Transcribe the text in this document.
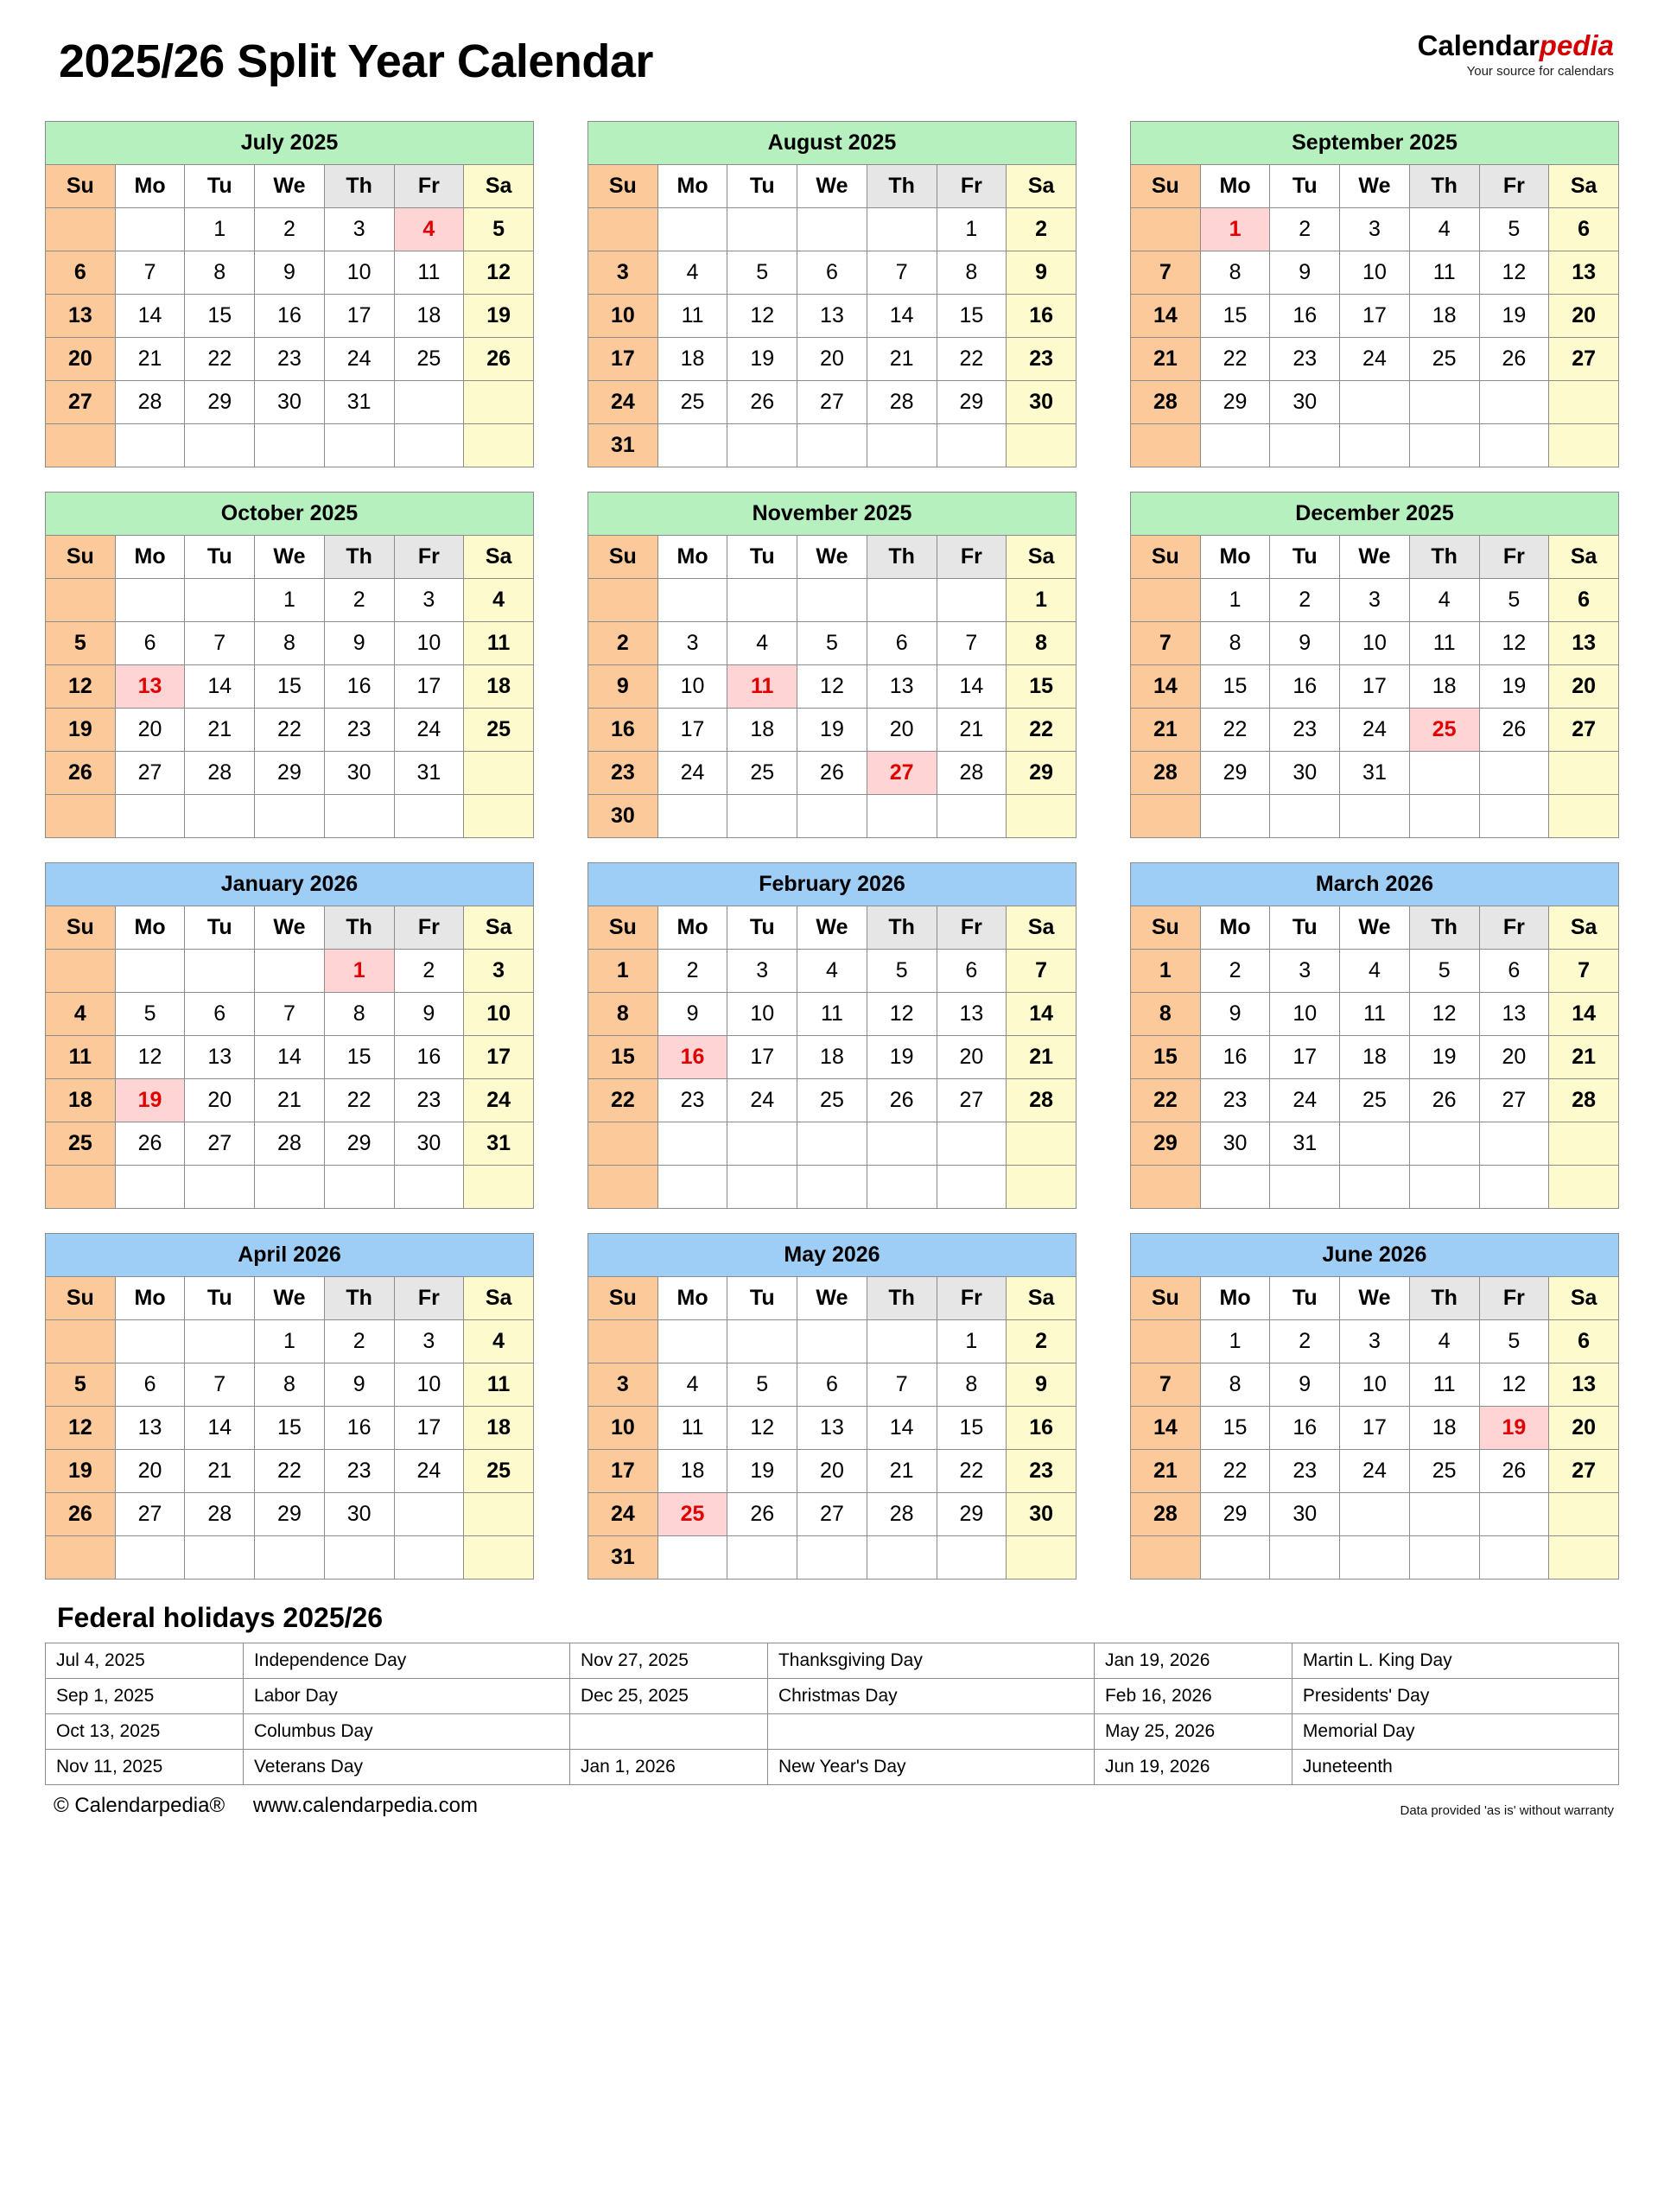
2025/26 Split Year Calendar	Calendarpedia
Your source for calendars
July 2025						
Su	Mo	Tu	We	Th	Fr	Sa
		1	2	3	4	5
6	7	8	9	10	11	12
13	14	15	16	17	18	19
20	21	22	23	24	25	26
27	28	29	30	31		

August 2025						
Su	Mo	Tu	We	Th	Fr	Sa
					1	2
3	4	5	6	7	8	9
10	11	12	13	14	15	16
17	18	19	20	21	22	23
24	25	26	27	28	29	30
31						
September 2025						
Su	Mo	Tu	We	Th	Fr	Sa
	1	2	3	4	5	6
7	8	9	10	11	12	13
14	15	16	17	18	19	20
21	22	23	24	25	26	27
28	29	30				

October 2025						
Su	Mo	Tu	We	Th	Fr	Sa
			1	2	3	4
5	6	7	8	9	10	11
12	13	14	15	16	17	18
19	20	21	22	23	24	25
26	27	28	29	30	31	

November 2025						
Su	Mo	Tu	We	Th	Fr	Sa
						1
2	3	4	5	6	7	8
9	10	11	12	13	14	15
16	17	18	19	20	21	22
23	24	25	26	27	28	29
30						
December 2025						
Su	Mo	Tu	We	Th	Fr	Sa
	1	2	3	4	5	6
7	8	9	10	11	12	13
14	15	16	17	18	19	20
21	22	23	24	25	26	27
28	29	30	31			

January 2026						
Su	Mo	Tu	We	Th	Fr	Sa
				1	2	3
4	5	6	7	8	9	10
11	12	13	14	15	16	17
18	19	20	21	22	23	24
25	26	27	28	29	30	31

February 2026						
Su	Mo	Tu	We	Th	Fr	Sa
1	2	3	4	5	6	7
8	9	10	11	12	13	14
15	16	17	18	19	20	21
22	23	24	25	26	27	28

March 2026						
Su	Mo	Tu	We	Th	Fr	Sa
1	2	3	4	5	6	7
8	9	10	11	12	13	14
15	16	17	18	19	20	21
22	23	24	25	26	27	28
29	30	31				

April 2026						
Su	Mo	Tu	We	Th	Fr	Sa
			1	2	3	4
5	6	7	8	9	10	11
12	13	14	15	16	17	18
19	20	21	22	23	24	25
26	27	28	29	30		

May 2026						
Su	Mo	Tu	We	Th	Fr	Sa
					1	2
3	4	5	6	7	8	9
10	11	12	13	14	15	16
17	18	19	20	21	22	23
24	25	26	27	28	29	30
31						
June 2026						
Su	Mo	Tu	We	Th	Fr	Sa
	1	2	3	4	5	6
7	8	9	10	11	12	13
14	15	16	17	18	19	20
21	22	23	24	25	26	27
28	29	30				

Federal holidays 2025/26
Jul 4, 2025	Independence Day	Nov 27, 2025	Thanksgiving Day	Jan 19, 2026	Martin L. King Day
Sep 1, 2025	Labor Day	Dec 25, 2025	Christmas Day	Feb 16, 2026	Presidents' Day
Oct 13, 2025	Columbus Day			May 25, 2026	Memorial Day
Nov 11, 2025	Veterans Day	Jan 1, 2026	New Year's Day	Jun 19, 2026	Juneteenth
© Calendarpedia® www.calendarpedia.com	Data provided 'as is' without warranty
